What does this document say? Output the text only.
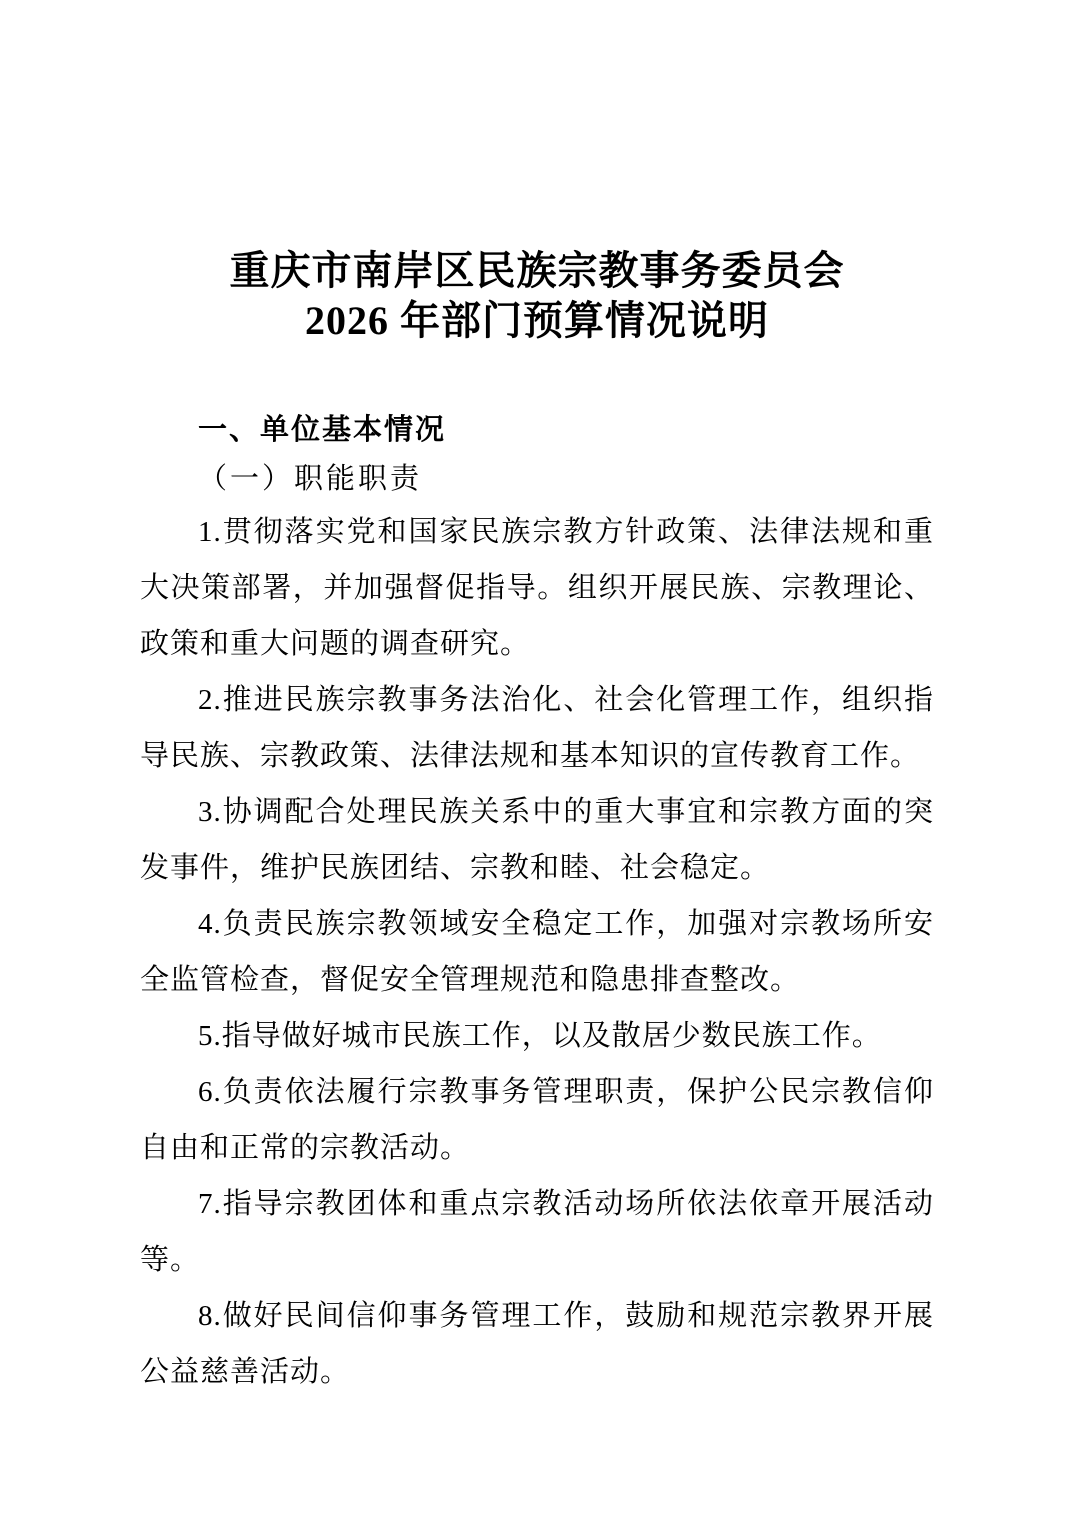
重庆市南岸区民族宗教事务委员会
2026 年部门预算情况说明
一、单位基本情况
（一）职能职责

1.贯彻落实党和国家民族宗教方针政策、法律法规和重大决策部署，并加强督促指导。组织开展民族、宗教理论、政策和重大问题的调查研究。

2.推进民族宗教事务法治化、社会化管理工作，组织指导民族、宗教政策、法律法规和基本知识的宣传教育工作。

3.协调配合处理民族关系中的重大事宜和宗教方面的突发事件，维护民族团结、宗教和睦、社会稳定。

4.负责民族宗教领域安全稳定工作，加强对宗教场所安全监管检查，督促安全管理规范和隐患排查整改。

5.指导做好城市民族工作，以及散居少数民族工作。

6.负责依法履行宗教事务管理职责，保护公民宗教信仰自由和正常的宗教活动。

7.指导宗教团体和重点宗教活动场所依法依章开展活动等。

8.做好民间信仰事务管理工作，鼓励和规范宗教界开展公益慈善活动。
